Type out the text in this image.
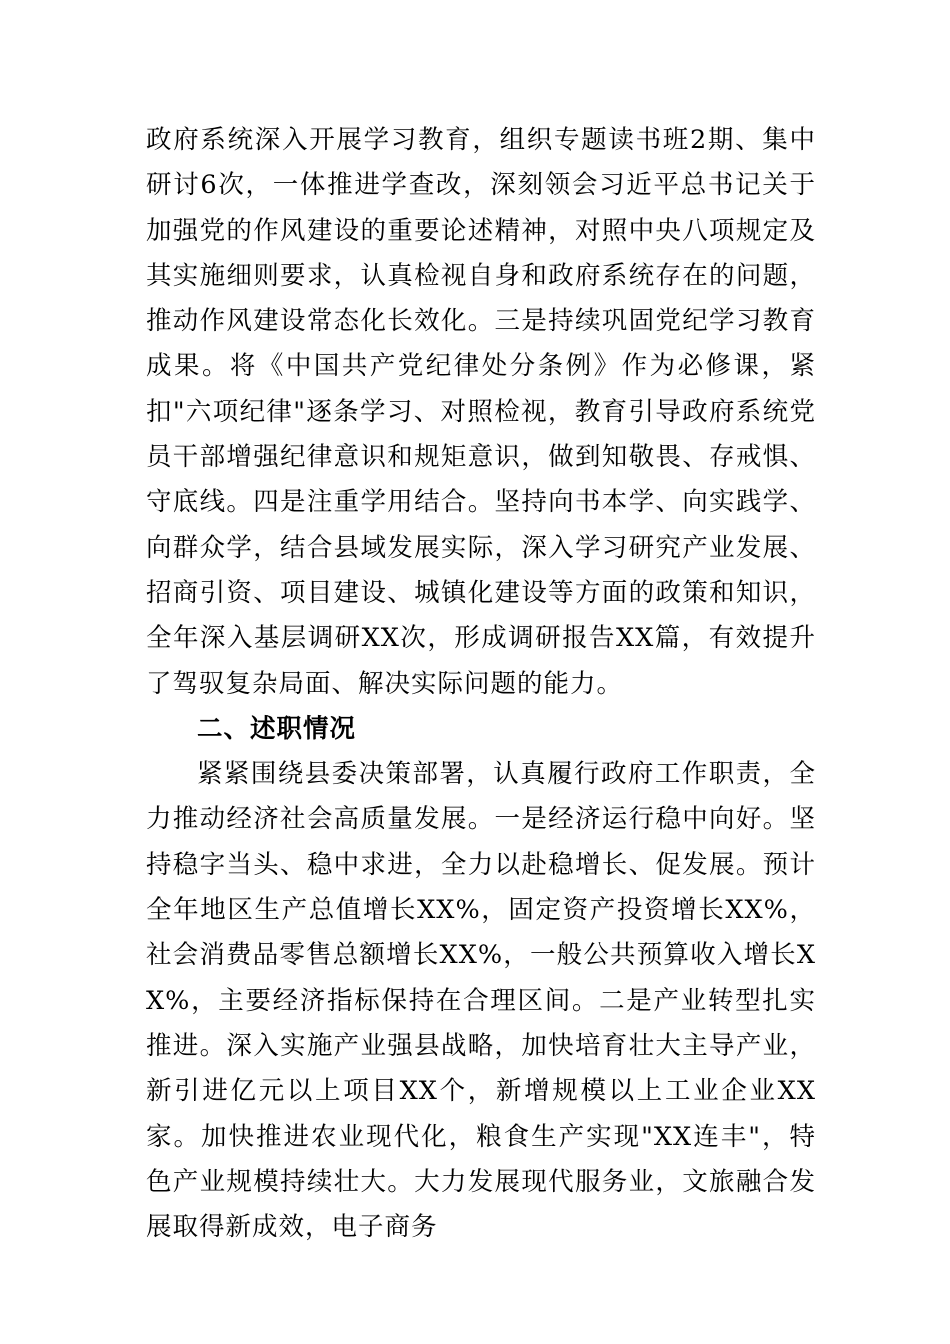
政府系统深入开展学习教育，组织专题读书班2期、集中研讨6次，一体推进学查改，深刻领会习近平总书记关于加强党的作风建设的重要论述精神，对照中央八项规定及其实施细则要求，认真检视自身和政府系统存在的问题，推动作风建设常态化长效化。三是持续巩固党纪学习教育成果。将《中国共产党纪律处分条例》作为必修课，紧扣"六项纪律"逐条学习、对照检视，教育引导政府系统党员干部增强纪律意识和规矩意识，做到知敬畏、存戒惧、守底线。四是注重学用结合。坚持向书本学、向实践学、向群众学，结合县域发展实际，深入学习研究产业发展、招商引资、项目建设、城镇化建设等方面的政策和知识，全年深入基层调研XX次，形成调研报告XX篇，有效提升了驾驭复杂局面、解决实际问题的能力。

二、述职情况

紧紧围绕县委决策部署，认真履行政府工作职责，全力推动经济社会高质量发展。一是经济运行稳中向好。坚持稳字当头、稳中求进，全力以赴稳增长、促发展。预计全年地区生产总值增长XX%，固定资产投资增长XX%，社会消费品零售总额增长XX%，一般公共预算收入增长XX%，主要经济指标保持在合理区间。二是产业转型扎实推进。深入实施产业强县战略，加快培育壮大主导产业，新引进亿元以上项目XX个，新增规模以上工业企业XX家。加快推进农业现代化，粮食生产实现"XX连丰"，特色产业规模持续壮大。大力发展现代服务业，文旅融合发展取得新成效，电子商务
